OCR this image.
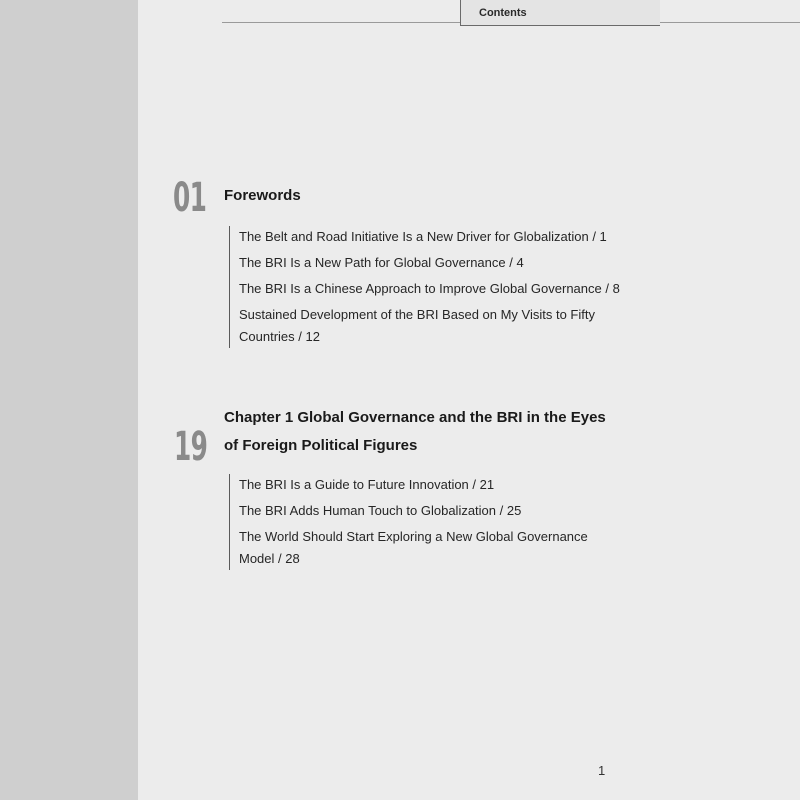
Contents
01 Forewords
The Belt and Road Initiative Is a New Driver for Globalization / 1
The BRI Is a New Path for Global Governance / 4
The BRI Is a Chinese Approach to Improve Global Governance / 8
Sustained Development of the BRI Based on My Visits to Fifty Countries / 12
19
Chapter 1 Global Governance and the BRI in the Eyes of Foreign Political Figures
The BRI Is a Guide to Future Innovation / 21
The BRI Adds Human Touch to Globalization / 25
The World Should Start Exploring a New Global Governance Model / 28
1
